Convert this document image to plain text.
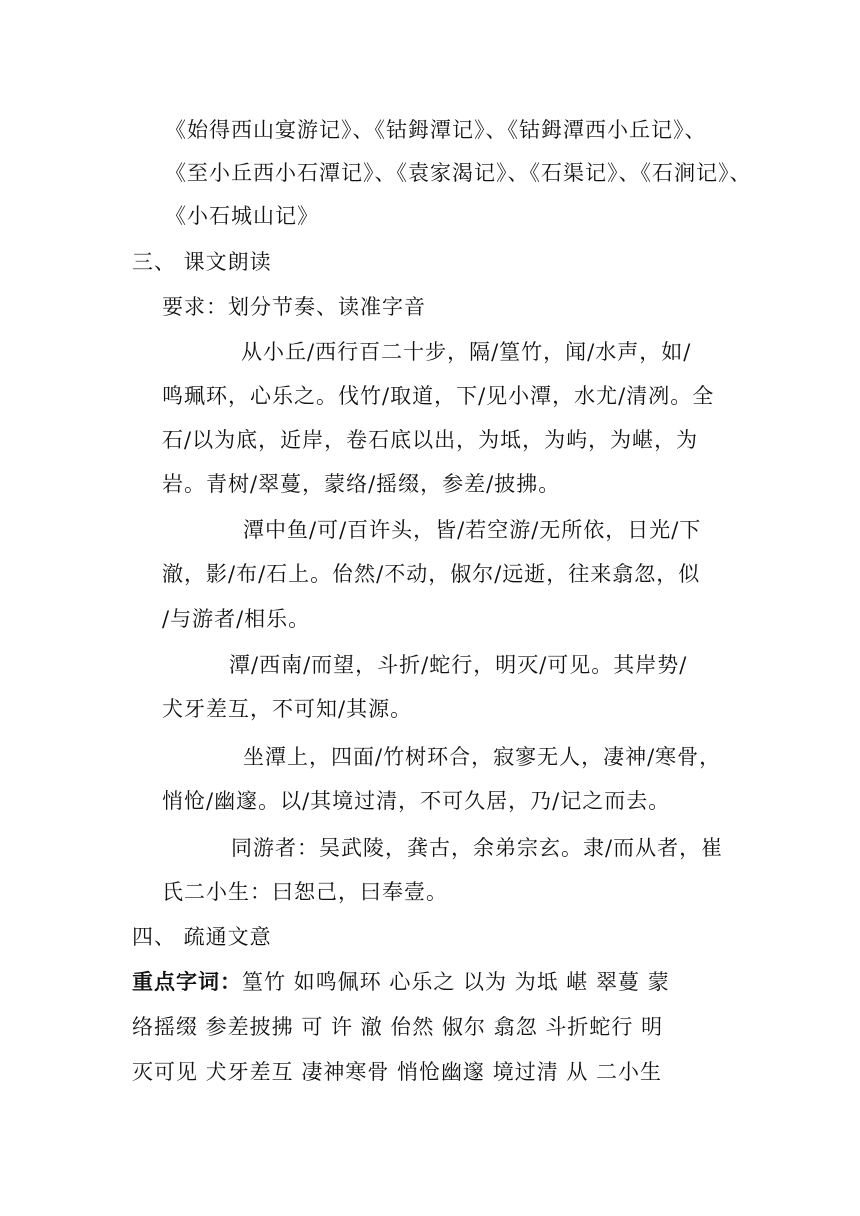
《始得西山宴游记》、《钴鉧潭记》、《钴鉧潭西小丘记》、
《至小丘西小石潭记》、《袁家渴记》、《石渠记》、《石涧记》、
《小石城山记》
三、 课文朗读
要求：划分节奏、读准字音
从小丘/西行百二十步，隔/篁竹，闻/水声，如/
鸣珮环，心乐之。伐竹/取道，下/见小潭，水尤/清冽。全
石/以为底，近岸，卷石底以出，为坻，为屿，为嵁，为
岩。青树/翠蔓，蒙络/摇缀，参差/披拂。
潭中鱼/可/百许头，皆/若空游/无所依，日光/下
澈，影/布/石上。佁然/不动，俶尔/远逝，往来翕忽，似
/与游者/相乐。
潭/西南/而望，斗折/蛇行，明灭/可见。其岸势/
犬牙差互，不可知/其源。
坐潭上，四面/竹树环合，寂寥无人，凄神/寒骨，
悄怆/幽邃。以/其境过清，不可久居，乃/记之而去。
同游者：吴武陵，龚古，余弟宗玄。隶/而从者，崔
氏二小生：曰恕己，曰奉壹。
四、 疏通文意
重点字词：篁竹 如鸣佩环 心乐之 以为 为坻 嵁 翠蔓 蒙
络摇缀 参差披拂 可 许 澈 佁然 俶尔 翕忽 斗折蛇行 明
灭可见 犬牙差互 凄神寒骨 悄怆幽邃 境过清 从 二小生
